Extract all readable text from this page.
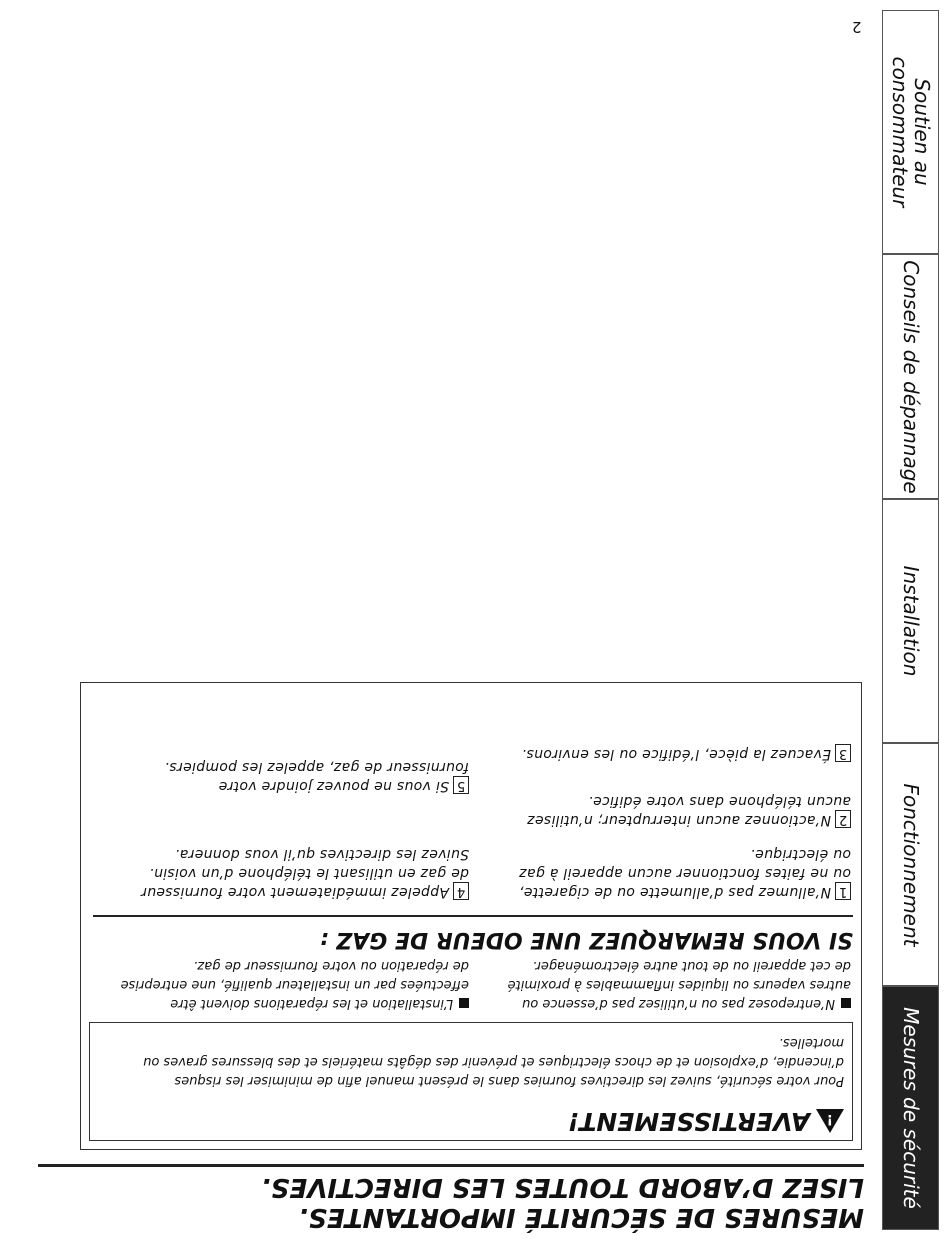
2
Soutien au consommateur
Conseils de dépannage
Installation
Fonctionnement
Mesures de sécurité
MESURES DE SÉCURITÉ IMPORTANTES.
LISEZ D’ABORD TOUTES LES DIRECTIVES.
!
AVERTISSEMENT!
Pour votre sécurité, suivez les directives fournies dans le présent manuel afin de minimiser les risques d’incendie, d’explosion et de chocs électriques et prévenir des dégâts matériels et des blessures graves ou mortelles.
N’entreposez pas ou n’utilisez pas d’essence ou autres vapeurs ou liquides inflammables à proximité de cet appareil ou de tout autre électroménager.
L’installation et les réparations doivent être effectuées par un installateur qualifié, une entreprise de réparation ou votre fournisseur de gaz.
SI VOUS REMARQUEZ UNE ODEUR DE GAZ :
1N’allumez pas d’allumette ou de cigarette, ou ne faites fonctionner aucun appareil à gaz ou électrique.
2N’actionnez aucun interrupteur; n’utilisez aucun téléphone dans votre édifice.
3Évacuez la pièce, l’édifice ou les environs.
4Appelez immédiatement votre fournisseur de gaz en utilisant le téléphone d’un voisin. Suivez les directives qu’il vous donnera.
5Si vous ne pouvez joindre votre fournisseur de gaz, appelez les pompiers.
